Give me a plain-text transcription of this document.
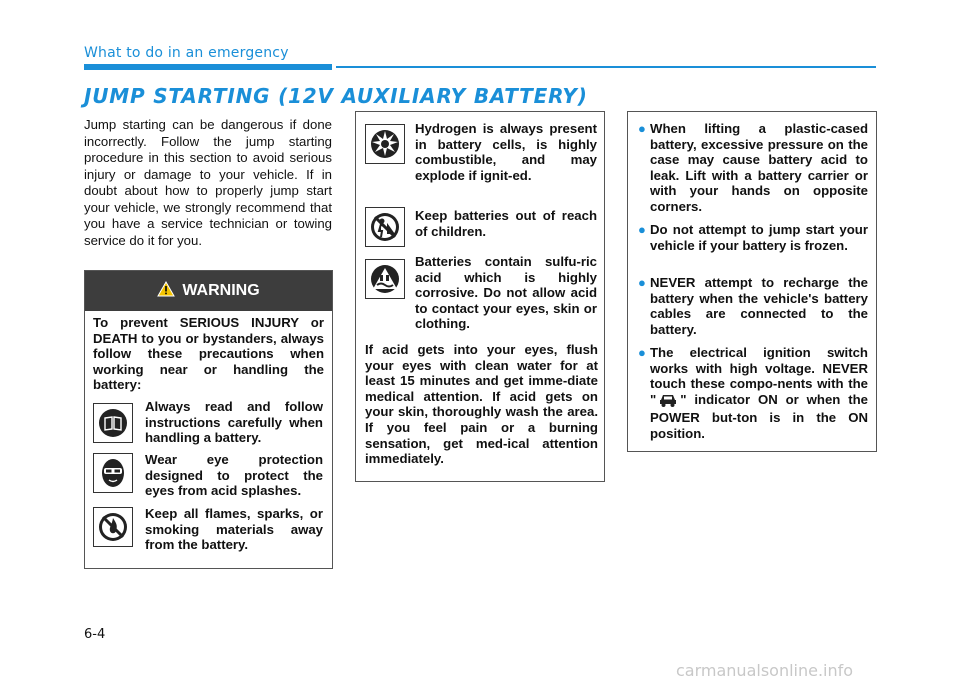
What to do in an emergency
JUMP STARTING (12V AUXILIARY BATTERY)
Jump starting can be dangerous if done incorrectly. Follow the jump starting procedure in this section to avoid serious injury or damage to your vehicle. If in doubt about how to properly jump start your vehicle, we strongly recommend that you have a service technician or towing service do it for you.
WARNING
To prevent SERIOUS INJURY or DEATH to you or bystanders, always follow these precautions when working near or handling the battery:
Always read and follow instructions carefully when handling a battery.
Wear eye protection designed to protect the eyes from acid splashes.
Keep all flames, sparks, or smoking materials away from the battery.
Hydrogen is always present in battery cells, is highly combustible, and may explode if ignit-ed.
Keep batteries out of reach of children.
Batteries contain sulfu-ric acid which is highly corrosive. Do not allow acid to contact your eyes, skin or clothing.
If acid gets into your eyes, flush your eyes with clean water for at least 15 minutes and get imme-diate medical attention. If acid gets on your skin, thoroughly wash the area. If you feel pain or a burning sensation, get med-ical attention immediately.
● When lifting a plastic-cased battery, excessive pressure on the case may cause battery acid to leak. Lift with a battery carrier or with your hands on opposite corners.
● Do not attempt to jump start your vehicle if your battery is frozen.
● NEVER attempt to recharge the battery when the vehicle's battery cables are connected to the battery.
● The electrical ignition switch works with high voltage. NEVER touch these compo-nents with the " " indicator ON or when the POWER but-ton is in the ON position.
6-4
carmanualsonline.info
